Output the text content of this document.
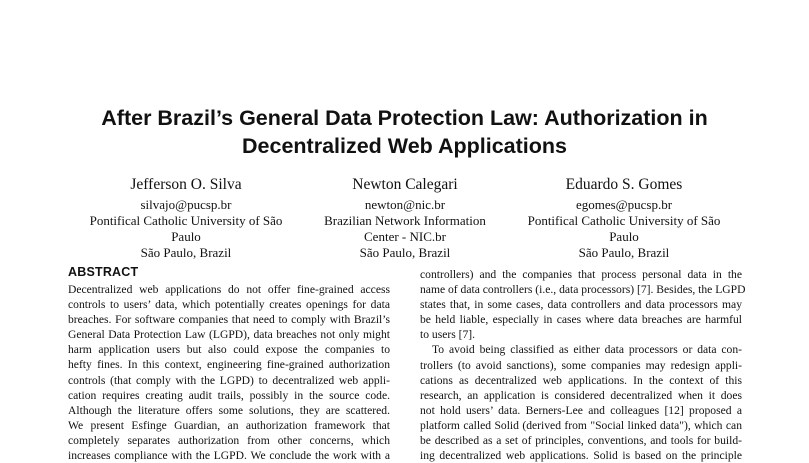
After Brazil’s General Data Protection Law: Authorization in
Decentralized Web Applications
Jefferson O. Silva
silvajo@pucsp.br
Pontifical Catholic University of São
Paulo
São Paulo, Brazil
Newton Calegari
newton@nic.br
Brazilian Network Information
Center - NIC.br
São Paulo, Brazil
Eduardo S. Gomes
egomes@pucsp.br
Pontifical Catholic University of São
Paulo
São Paulo, Brazil
ABSTRACT
Decentralized web applications do not offer fine-grained access
controls to users’ data, which potentially creates openings for data
breaches. For software companies that need to comply with Brazil’s
General Data Protection Law (LGPD), data breaches not only might
harm application users but also could expose the companies to
hefty fines. In this context, engineering fine-grained authorization
controls (that comply with the LGPD) to decentralized web appli-
cation requires creating audit trails, possibly in the source code.
Although the literature offers some solutions, they are scattered.
We present Esfinge Guardian, an authorization framework that
completely separates authorization from other concerns, which
increases compliance with the LGPD. We conclude the work with a
controllers) and the companies that process personal data in the
name of data controllers (i.e., data processors) [7]. Besides, the LGPD
states that, in some cases, data controllers and data processors may
be held liable, especially in cases where data breaches are harmful
to users [7].
To avoid being classified as either data processors or data con-
trollers (to avoid sanctions), some companies may redesign appli-
cations as decentralized web applications. In the context of this
research, an application is considered decentralized when it does
not hold users’ data. Berners-Lee and colleagues [12] proposed a
platform called Solid (derived from "Social linked data"), which can
be described as a set of principles, conventions, and tools for build-
ing decentralized web applications. Solid is based on the principle
